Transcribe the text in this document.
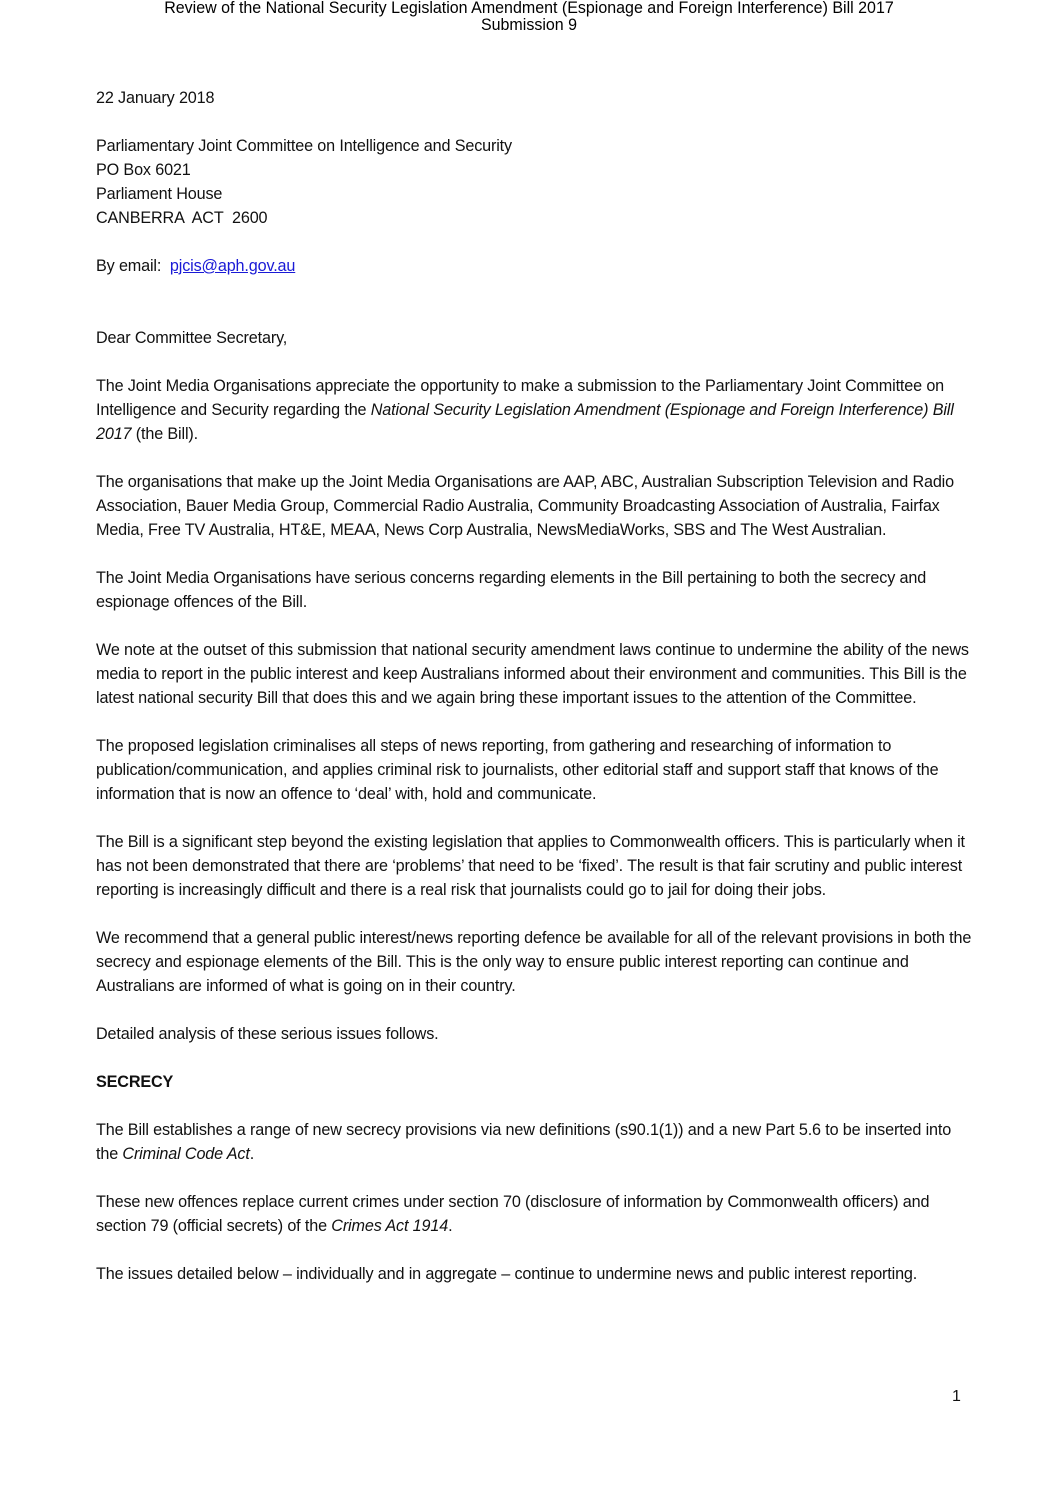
Review of the National Security Legislation Amendment (Espionage and Foreign Interference) Bill 2017
Submission 9

22 January 2018

Parliamentary Joint Committee on Intelligence and Security
PO Box 6021
Parliament House
CANBERRA  ACT  2600

By email:  pjcis@aph.gov.au

Dear Committee Secretary,

The Joint Media Organisations appreciate the opportunity to make a submission to the Parliamentary Joint Committee on Intelligence and Security regarding the National Security Legislation Amendment (Espionage and Foreign Interference) Bill 2017 (the Bill).

The organisations that make up the Joint Media Organisations are AAP, ABC, Australian Subscription Television and Radio Association, Bauer Media Group, Commercial Radio Australia, Community Broadcasting Association of Australia, Fairfax Media, Free TV Australia, HT&E, MEAA, News Corp Australia, NewsMediaWorks, SBS and The West Australian.

The Joint Media Organisations have serious concerns regarding elements in the Bill pertaining to both the secrecy and espionage offences of the Bill.

We note at the outset of this submission that national security amendment laws continue to undermine the ability of the news media to report in the public interest and keep Australians informed about their environment and communities. This Bill is the latest national security Bill that does this and we again bring these important issues to the attention of the Committee.

The proposed legislation criminalises all steps of news reporting, from gathering and researching of information to publication/communication, and applies criminal risk to journalists, other editorial staff and support staff that knows of the information that is now an offence to ‘deal’ with, hold and communicate.

The Bill is a significant step beyond the existing legislation that applies to Commonwealth officers. This is particularly when it has not been demonstrated that there are ‘problems’ that need to be ‘fixed’. The result is that fair scrutiny and public interest reporting is increasingly difficult and there is a real risk that journalists could go to jail for doing their jobs.

We recommend that a general public interest/news reporting defence be available for all of the relevant provisions in both the secrecy and espionage elements of the Bill. This is the only way to ensure public interest reporting can continue and Australians are informed of what is going on in their country.

Detailed analysis of these serious issues follows.

SECRECY

The Bill establishes a range of new secrecy provisions via new definitions (s90.1(1)) and a new Part 5.6 to be inserted into the Criminal Code Act.

These new offences replace current crimes under section 70 (disclosure of information by Commonwealth officers) and section 79 (official secrets) of the Crimes Act 1914.

The issues detailed below – individually and in aggregate – continue to undermine news and public interest reporting.

1
